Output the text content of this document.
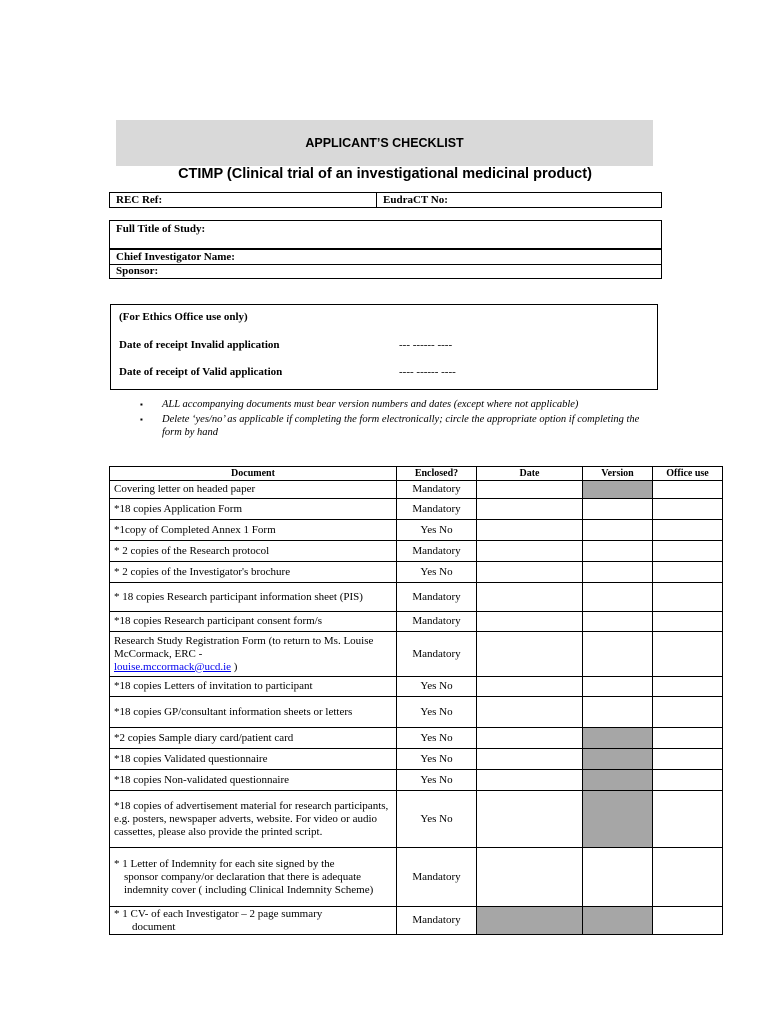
APPLICANT’S CHECKLIST
CTIMP (Clinical trial of an investigational medicinal product)
REC Ref:	EudraCT No:
Full Title of Study:
Chief Investigator Name:
Sponsor:
(For Ethics Office use only)
Date of receipt Invalid application	--- ------ ----
Date of receipt of Valid application	---- ------ ----
▪ ALL accompanying documents must bear version numbers and dates (except where not applicable)
▪ Delete ‘yes/no’ as applicable if completing the form electronically; circle the appropriate option if completing the form by hand
Document	Enclosed?	Date	Version	Office use
Covering letter on headed paper	Mandatory			
*18 copies Application Form	Mandatory			
*1copy of Completed Annex 1 Form	Yes No			
* 2 copies of the Research protocol	Mandatory			
* 2 copies of the Investigator's brochure	Yes No			
* 18 copies Research participant information sheet (PIS)	Mandatory			
*18 copies Research participant consent form/s	Mandatory			
Research Study Registration Form (to return to Ms. Louise McCormack, ERC -
louise.mccormack@ucd.ie )	Mandatory			
*18 copies Letters of invitation to participant	Yes No			
*18 copies GP/consultant information sheets or letters	Yes No			
*2 copies Sample diary card/patient card	Yes No			
*18 copies Validated questionnaire	Yes No			
*18 copies Non-validated questionnaire	Yes No			
*18 copies of advertisement material for research participants, e.g. posters, newspaper adverts, website. For video or audio cassettes, please also provide the printed script.	Yes No			
* 1 Letter of Indemnity for each site signed by the
sponsor company/or declaration that there is adequate indemnity cover ( including Clinical Indemnity Scheme)	Mandatory			
* 1 CV- of each Investigator – 2 page summary
document	Mandatory			
